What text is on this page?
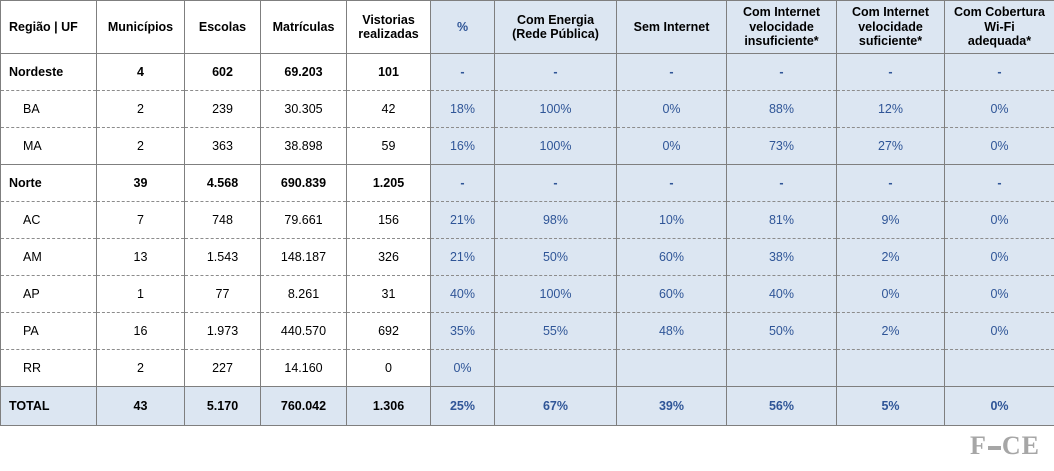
Região | UF	Municípios	Escolas	Matrículas	Vistorias realizadas	%	Com Energia (Rede Pública)	Sem Internet	Com Internet velocidade insuficiente*	Com Internet velocidade suficiente*	Com Cobertura Wi-Fi adequada*
Nordeste	4	602	69.203	101	-	-	-	-	-	-
BA	2	239	30.305	42	18%	100%	0%	88%	12%	0%
MA	2	363	38.898	59	16%	100%	0%	73%	27%	0%
Norte	39	4.568	690.839	1.205	-	-	-	-	-	-
AC	7	748	79.661	156	21%	98%	10%	81%	9%	0%
AM	13	1.543	148.187	326	21%	50%	60%	38%	2%	0%
AP	1	77	8.261	31	40%	100%	60%	40%	0%	0%
PA	16	1.973	440.570	692	35%	55%	48%	50%	2%	0%
RR	2	227	14.160	0	0%					
TOTAL	43	5.170	760.042	1.306	25%	67%	39%	56%	5%	0%
F CE
